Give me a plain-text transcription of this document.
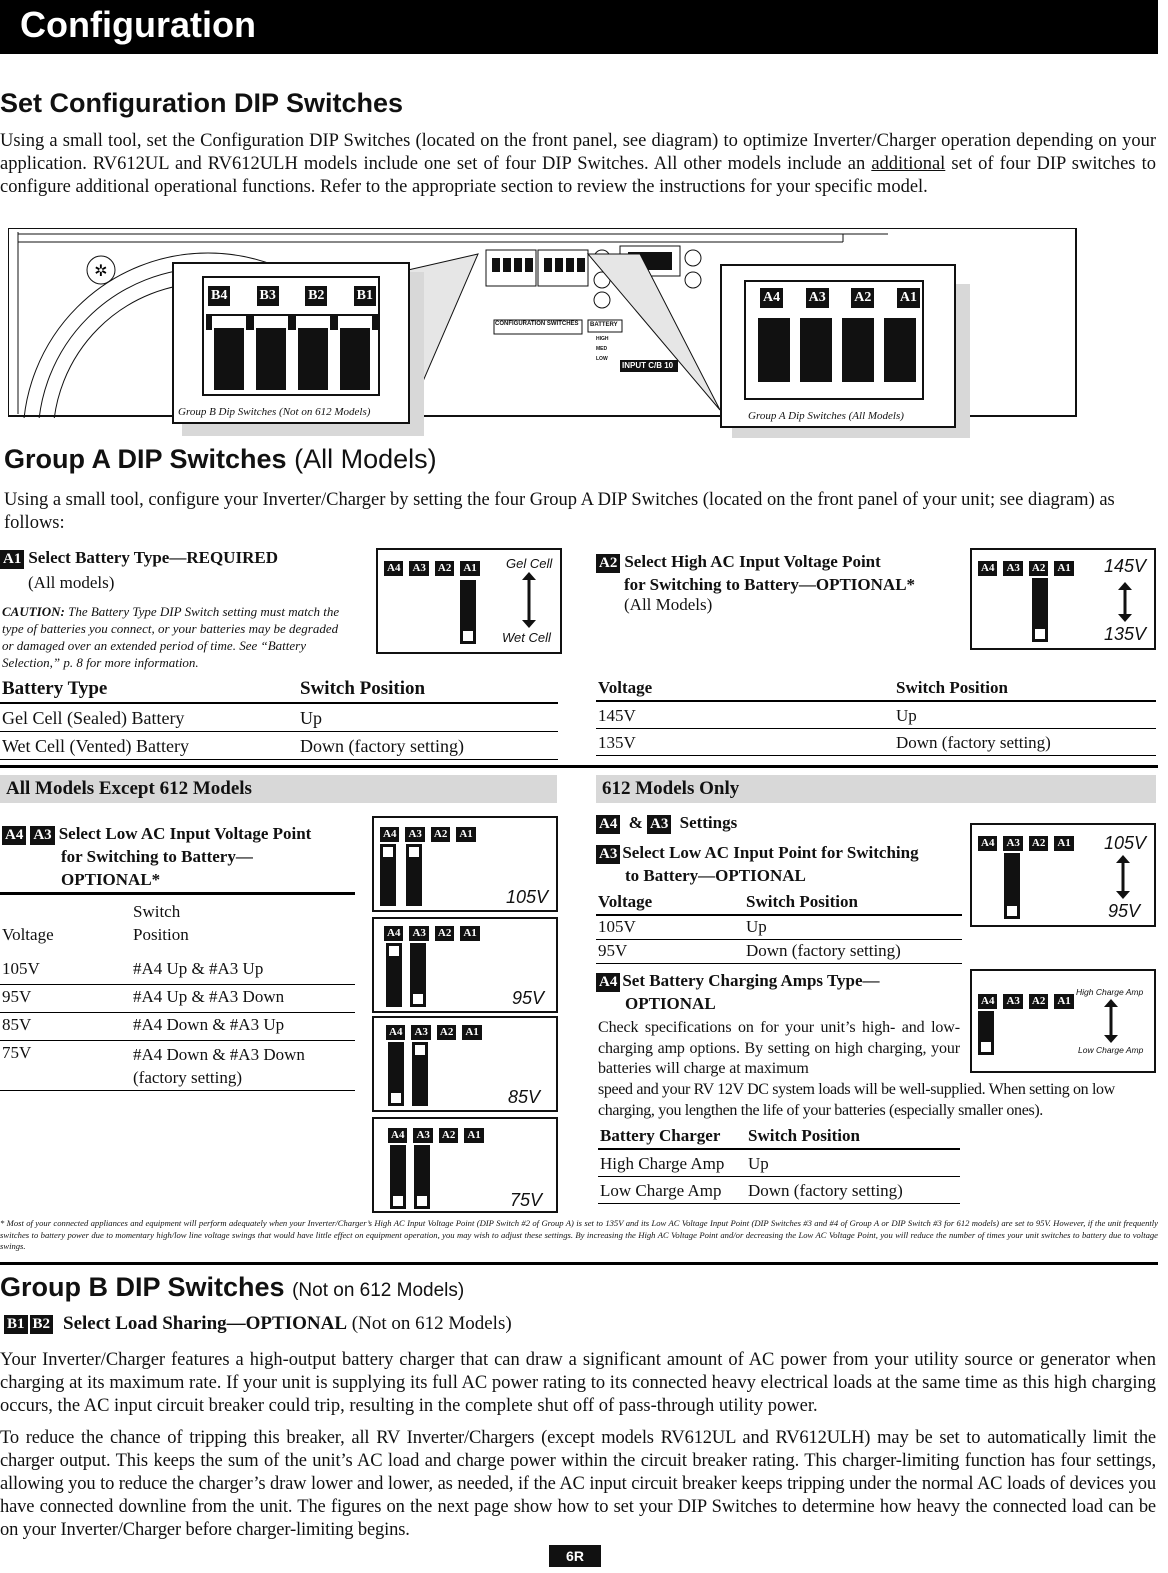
Configuration
Set Configuration DIP Switches
Using a small tool, set the Configuration DIP Switches (located on the front panel, see diagram) to optimize Inverter/Charger operation depending on your application. RV612UL and RV612ULH models include one set of four DIP Switches. All other models include an additional set of four DIP switches to configure additional operational functions. Refer to the appropriate section to review the instructions for your specific model.
✲
CONFIGURATION SWITCHES BATTERY
HIGH
MED
LOW
INPUT C/B 10
B4 B3 B2 B1
Group B Dip Switches (Not on 612 Models)
A4 A3 A2 A1
Group A Dip Switches (All Models)
Group A DIP Switches (All Models)
Using a small tool, configure your Inverter/Charger by setting the four Group A DIP Switches (located on the front panel of your unit; see diagram) as follows:
A1 Select Battery Type—REQUIRED
(All models)
CAUTION: The Battery Type DIP Switch setting must match the type of batteries you connect, or your batteries may be degraded or damaged over an extended period of time. See “Battery Selection,” p. 8 for more information.
A4 A3 A2 A1	Gel Cell
Wet Cell
Battery Type	Switch Position
Gel Cell (Sealed) Battery	Up
Wet Cell (Vented) Battery	Down (factory setting)
A2 Select High AC Input Voltage Point
for Switching to Battery—OPTIONAL*
(All Models)
A4 A3 A2 A1	145V
135V
Voltage	Switch Position
145V	Up
135V	Down (factory setting)
All Models Except 612 Models
A4 A3 Select Low AC Input Voltage Point
for Switching to Battery—
OPTIONAL*
Voltage
Switch
Position
105V	#A4 Up & #A3 Up
95V	#A4 Up & #A3 Down
85V	#A4 Down & #A3 Up
75V	#A4 Down & #A3 Down
(factory setting)
A4 A3 A2 A1
105V
A4 A3 A2 A1
95V
A4 A3 A2 A1
85V
A4 A3 A2 A1
75V
612 Models Only
A4 & A3 Settings
A3 Select Low AC Input Point for Switching
to Battery—OPTIONAL
Voltage	Switch Position
105V	Up
95V	Down (factory setting)
A4 A3 A2 A1	105V
95V
A4 Set Battery Charging Amps Type—
OPTIONAL
Check specifications on for your unit’s high- and low-charging amp options. By setting on high charging, your batteries will charge at maximum
speed and your RV 12V DC system loads will be well-supplied. When setting on low charging, you lengthen the life of your batteries (especially smaller ones).
A4 A3 A2 A1
High Charge Amp
Low Charge Amp
Battery Charger	Switch Position
High Charge Amp	Up
Low Charge Amp	Down (factory setting)
* Most of your connected appliances and equipment will perform adequately when your Inverter/Charger’s High AC Input Voltage Point (DIP Switch #2 of Group A) is set to 135V and its Low AC Voltage Input Point (DIP Switches #3 and #4 of Group A or DIP Switch #3 for 612 models) are set to 95V. However, if the unit frequently switches to battery power due to momentary high/low line voltage swings that would have little effect on equipment operation, you may wish to adjust these settings. By increasing the High AC Voltage Point and/or decreasing the Low AC Voltage Point, you will reduce the number of times your unit switches to battery due to voltage swings.
Group B DIP Switches (Not on 612 Models)
B1 B2 Select Load Sharing—OPTIONAL (Not on 612 Models)
Your Inverter/Charger features a high-output battery charger that can draw a significant amount of AC power from your utility source or generator when charging at its maximum rate. If your unit is supplying its full AC power rating to its connected heavy electrical loads at the same time as this high charging occurs, the AC input circuit breaker could trip, resulting in the complete shut off of pass-through utility power.
To reduce the chance of tripping this breaker, all RV Inverter/Chargers (except models RV612UL and RV612ULH) may be set to automatically limit the charger output. This keeps the sum of the unit’s AC load and charge power within the circuit breaker rating. This charger-limiting function has four settings, allowing you to reduce the charger’s draw lower and lower, as needed, if the AC input circuit breaker keeps tripping under the normal AC loads of devices you have connected downline from the unit. The figures on the next page show how to set your DIP Switches to determine how heavy the connected load can be on your Inverter/Charger before charger-limiting begins.
6R
